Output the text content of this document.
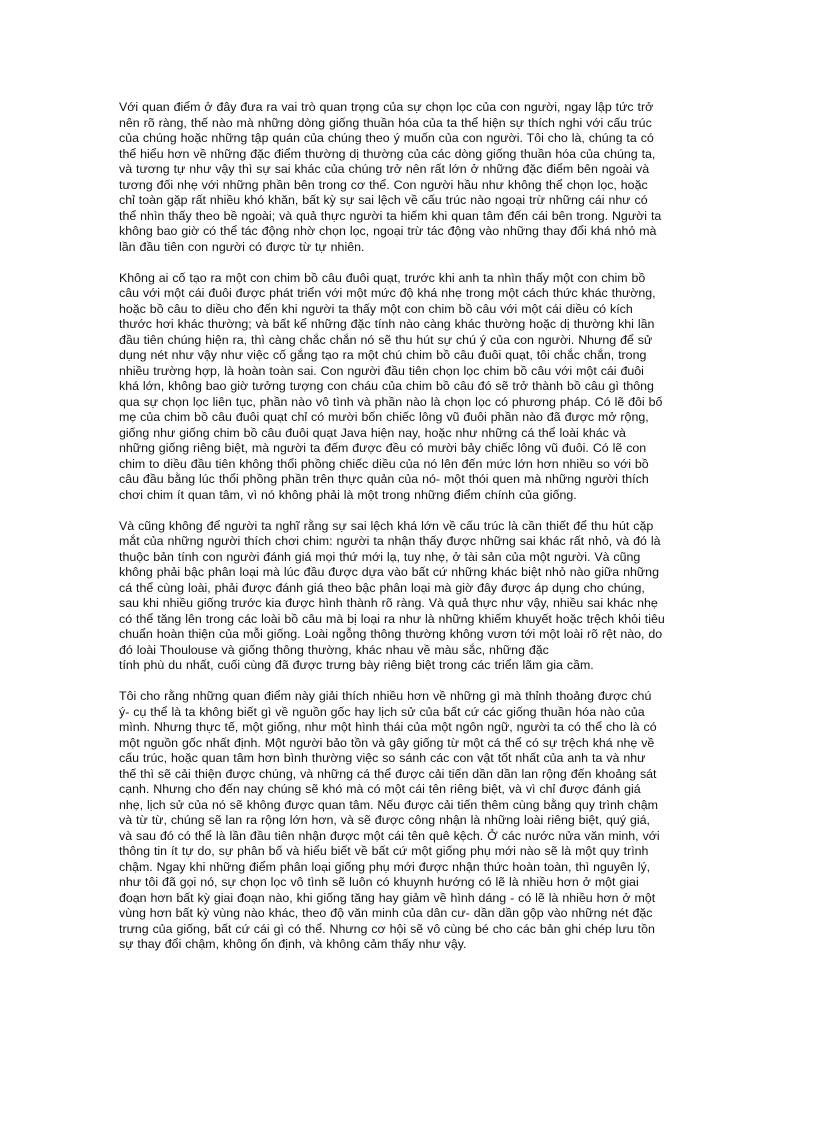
Với quan điểm ở đây đưa ra vai trò quan trọng của sự chọn lọc của con người, ngay lập tức trở
nên rõ ràng, thế nào mà những dòng giống thuần hóa của ta thể hiện sự thích nghi với cấu trúc
của chúng hoặc những tập quán của chúng theo ý muốn của con người. Tôi cho là, chúng ta có
thể hiểu hơn về những đặc điểm thường dị thường của các dòng giống thuần hóa của chúng ta,
và tương tự như vậy thì sự sai khác của chúng trở nên rất lớn ở những đặc điểm bên ngoài và
tương đối nhẹ với những phần bên trong cơ thể. Con người hầu như không thể chọn lọc, hoặc
chỉ toàn gặp rất nhiều khó khăn, bất kỳ sự sai lệch về cấu trúc nào ngoại trừ những cái như có
thể nhìn thấy theo bề ngoài; và quả thực người ta hiếm khi quan tâm đến cái bên trong. Người ta
không bao giờ có thể tác động nhờ chọn lọc, ngoại trừ tác động vào những thay đổi khá nhỏ mà
lần đầu tiên con người có được từ tự nhiên.

Không ai cố tạo ra một con chim bồ câu đuôi quạt, trước khi anh ta nhìn thấy một con chim bồ
câu với một cái đuôi được phát triển với một mức độ khá nhẹ trong một cách thức khác thường,
hoặc bồ câu to diều cho đến khi người ta thấy một con chim bồ câu với một cái diều có kích
thước hơi khác thường; và bất kể những đặc tính nào càng khác thường hoặc dị thường khi lần
đầu tiên chúng hiện ra, thì càng chắc chắn nó sẽ thu hút sự chú ý của con người. Nhưng để sử
dụng nét như vậy như việc cố gắng tạo ra một chú chim bồ câu đuôi quạt, tôi chắc chắn, trong
nhiều trường hợp, là hoàn toàn sai. Con người đầu tiên chọn lọc chim bồ câu với một cái đuôi
khá lớn, không bao giờ tưởng tượng con cháu của chim bồ câu đó sẽ trở thành bồ câu gì thông
qua sự chọn lọc liên tục, phần nào vô tình và phần nào là chọn lọc có phương pháp. Có lẽ đôi bố
mẹ của chim bồ câu đuôi quạt chỉ có mười bốn chiếc lông vũ đuôi phần nào đã được mở rộng,
giống như giống chim bồ câu đuôi quạt Java hiện nay, hoặc như những cá thể loài khác và
những giống riêng biệt, mà người ta đếm được đều có mười bảy chiếc lông vũ đuôi. Có lẽ con
chim to diều đầu tiên không thổi phồng chiếc diều của nó lên đến mức lớn hơn nhiều so với bồ
câu đầu bằng lúc thổi phồng phần trên thực quản của nó- một thói quen mà những người thích
chơi chim ít quan tâm, vì nó không phải là một trong những điểm chính của giống.

Và cũng không để người ta nghĩ rằng sự sai lệch khá lớn về cấu trúc là cần thiết để thu hút cặp
mắt của những người thích chơi chim: người ta nhận thấy được những sai khác rất nhỏ, và đó là
thuộc bản tính con người đánh giá mọi thứ mới lạ, tuy nhẹ, ở tài sản của một người. Và cũng
không phải bậc phân loại mà lúc đầu được dựa vào bất cứ những khác biệt nhỏ nào giữa những
cá thể cùng loài, phải được đánh giá theo bậc phân loại mà giờ đây được áp dụng cho chúng,
sau khi nhiều giống trước kia được hình thành rõ ràng. Và quả thực như vậy, nhiều sai khác nhẹ
có thể tăng lên trong các loài bồ câu mà bị loại ra như là những khiếm khuyết hoặc trệch khỏi tiêu
chuẩn hoàn thiện của mỗi giống. Loài ngỗng thông thường không vươn tới một loài rõ rệt nào, do
đó loài Thoulouse và giống thông thường, khác nhau về màu sắc, những đặc
tính phù du nhất, cuối cùng đã được trưng bày riêng biệt trong các triển lãm gia cầm.

Tôi cho rằng những quan điểm này giải thích nhiều hơn về những gì mà thỉnh thoảng được chú
ý- cụ thể là ta không biết gì về nguồn gốc hay lịch sử của bất cứ các giống thuần hóa nào của
mình. Nhưng thực tế, một giống, như một hình thái của một ngôn ngữ, người ta có thể cho là có
một nguồn gốc nhất định. Một người bảo tồn và gây giống từ một cá thể có sự trệch khá nhẹ về
cấu trúc, hoặc quan tâm hơn bình thường việc so sánh các con vật tốt nhất của anh ta và như
thế thì sẽ cải thiện được chúng, và những cá thể được cải tiến dần dần lan rộng đến khoảng sát
cạnh. Nhưng cho đến nay chúng sẽ khó mà có một cái tên riêng biệt, và vì chỉ được đánh giá
nhẹ, lịch sử của nó sẽ không được quan tâm. Nếu được cải tiến thêm cùng bằng quy trình chậm
và từ từ, chúng sẽ lan ra rộng lớn hơn, và sẽ được công nhận là những loài riêng biệt, quý giá,
và sau đó có thể là lần đầu tiên nhận được một cái tên quê kệch. Ở các nước nửa văn minh, với
thông tin ít tự do, sự phân bố và hiểu biết về bất cứ một giống phụ mới nào sẽ là một quy trình
chậm. Ngay khi những điểm phân loại giống phụ mới được nhận thức hoàn toàn, thì nguyên lý,
như tôi đã gọi nó, sự chọn lọc vô tình sẽ luôn có khuynh hướng có lẽ là nhiều hơn ở một giai
đoạn hơn bất kỳ giai đoạn nào, khi giống tăng hay giảm về hình dáng - có lẽ là nhiều hơn ở một
vùng hơn bất kỳ vùng nào khác, theo độ văn minh của dân cư- dần dần gộp vào những nét đặc
trưng của giống, bất cứ cái gì có thể. Nhưng cơ hội sẽ vô cùng bé cho các bản ghi chép lưu tồn
sự thay đổi chậm, không ổn định, và không cảm thấy như vậy.
